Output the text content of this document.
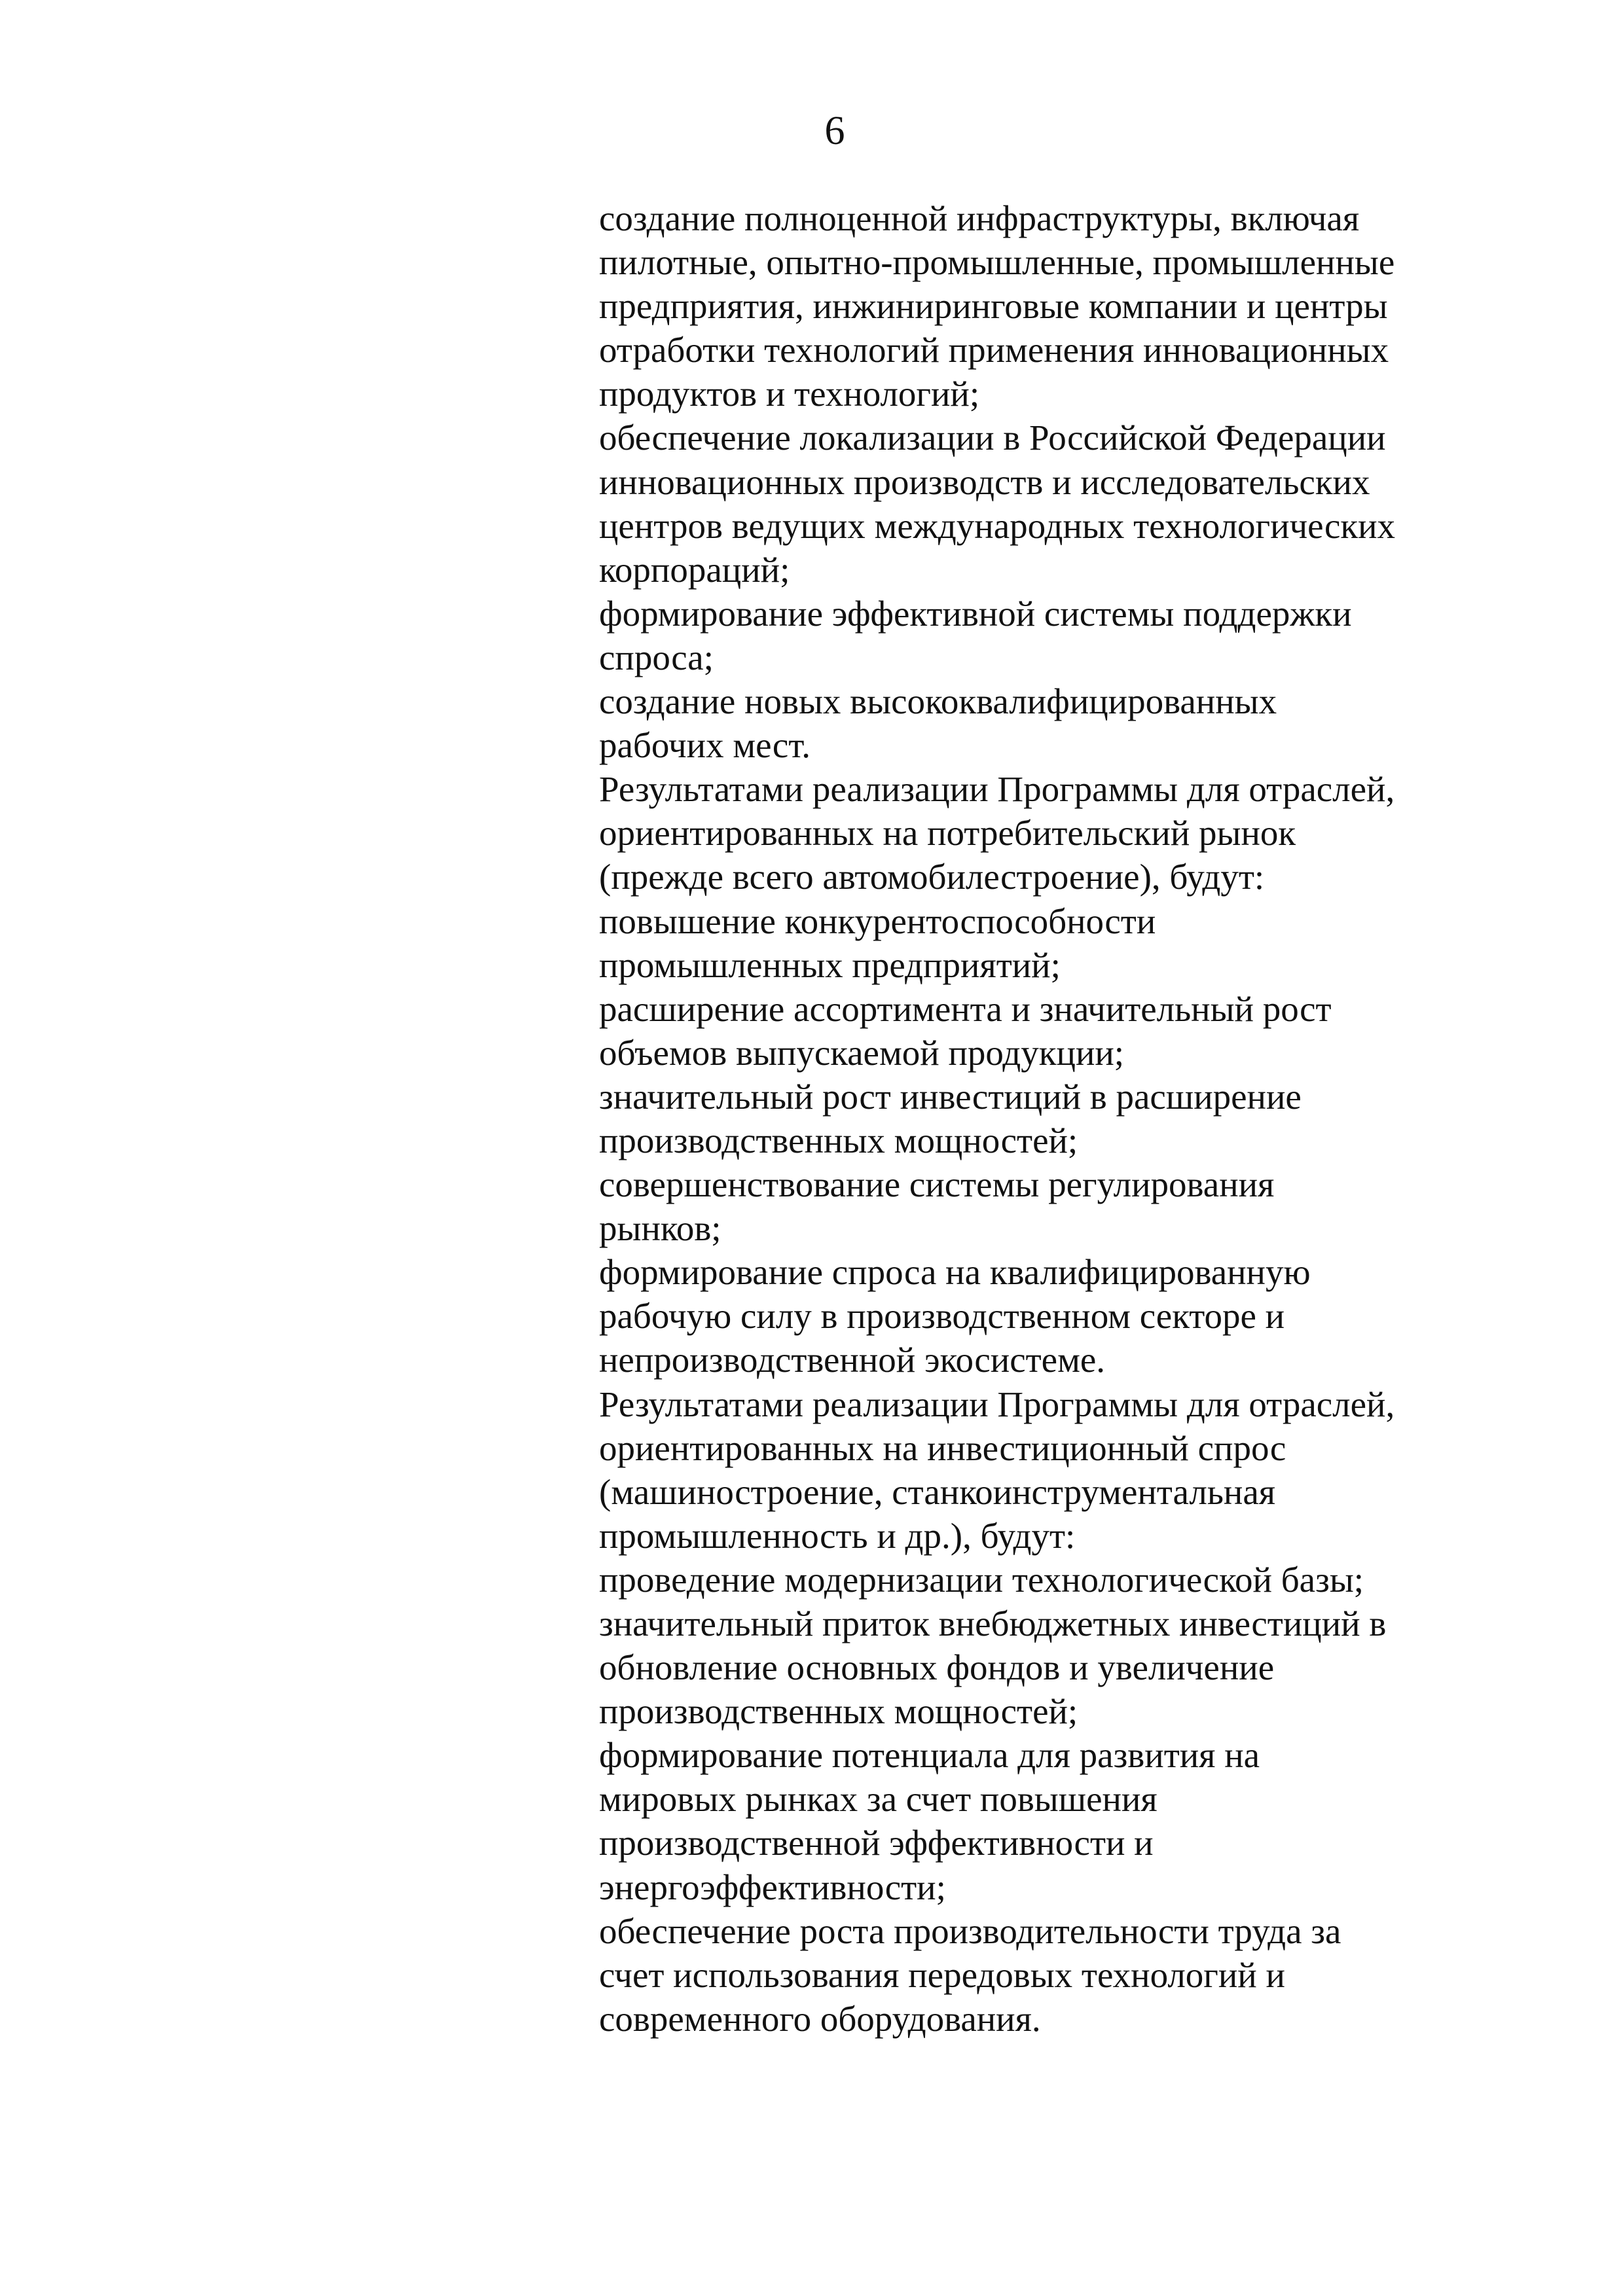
6
создание полноценной инфраструктуры, включая
пилотные, опытно-промышленные, промышленные
предприятия, инжиниринговые компании и центры
отработки технологий применения инновационных
продуктов и технологий;
обеспечение локализации в Российской Федерации
инновационных производств и исследовательских
центров ведущих международных технологических
корпораций;
формирование эффективной системы поддержки
спроса;
создание новых высококвалифицированных
рабочих мест.
Результатами реализации Программы для отраслей,
ориентированных на потребительский рынок
(прежде всего автомобилестроение), будут:
повышение конкурентоспособности
промышленных предприятий;
расширение ассортимента и значительный рост
объемов выпускаемой продукции;
значительный рост инвестиций в расширение
производственных мощностей;
совершенствование системы регулирования
рынков;
формирование спроса на квалифицированную
рабочую силу в производственном секторе и
непроизводственной экосистеме.
Результатами реализации Программы для отраслей,
ориентированных на инвестиционный спрос
(машиностроение, станкоинструментальная
промышленность и др.), будут:
проведение модернизации технологической базы;
значительный приток внебюджетных инвестиций в
обновление основных фондов и увеличение
производственных мощностей;
формирование потенциала для развития на
мировых рынках за счет повышения
производственной эффективности и
энергоэффективности;
обеспечение роста производительности труда за
счет использования передовых технологий и
современного оборудования.
